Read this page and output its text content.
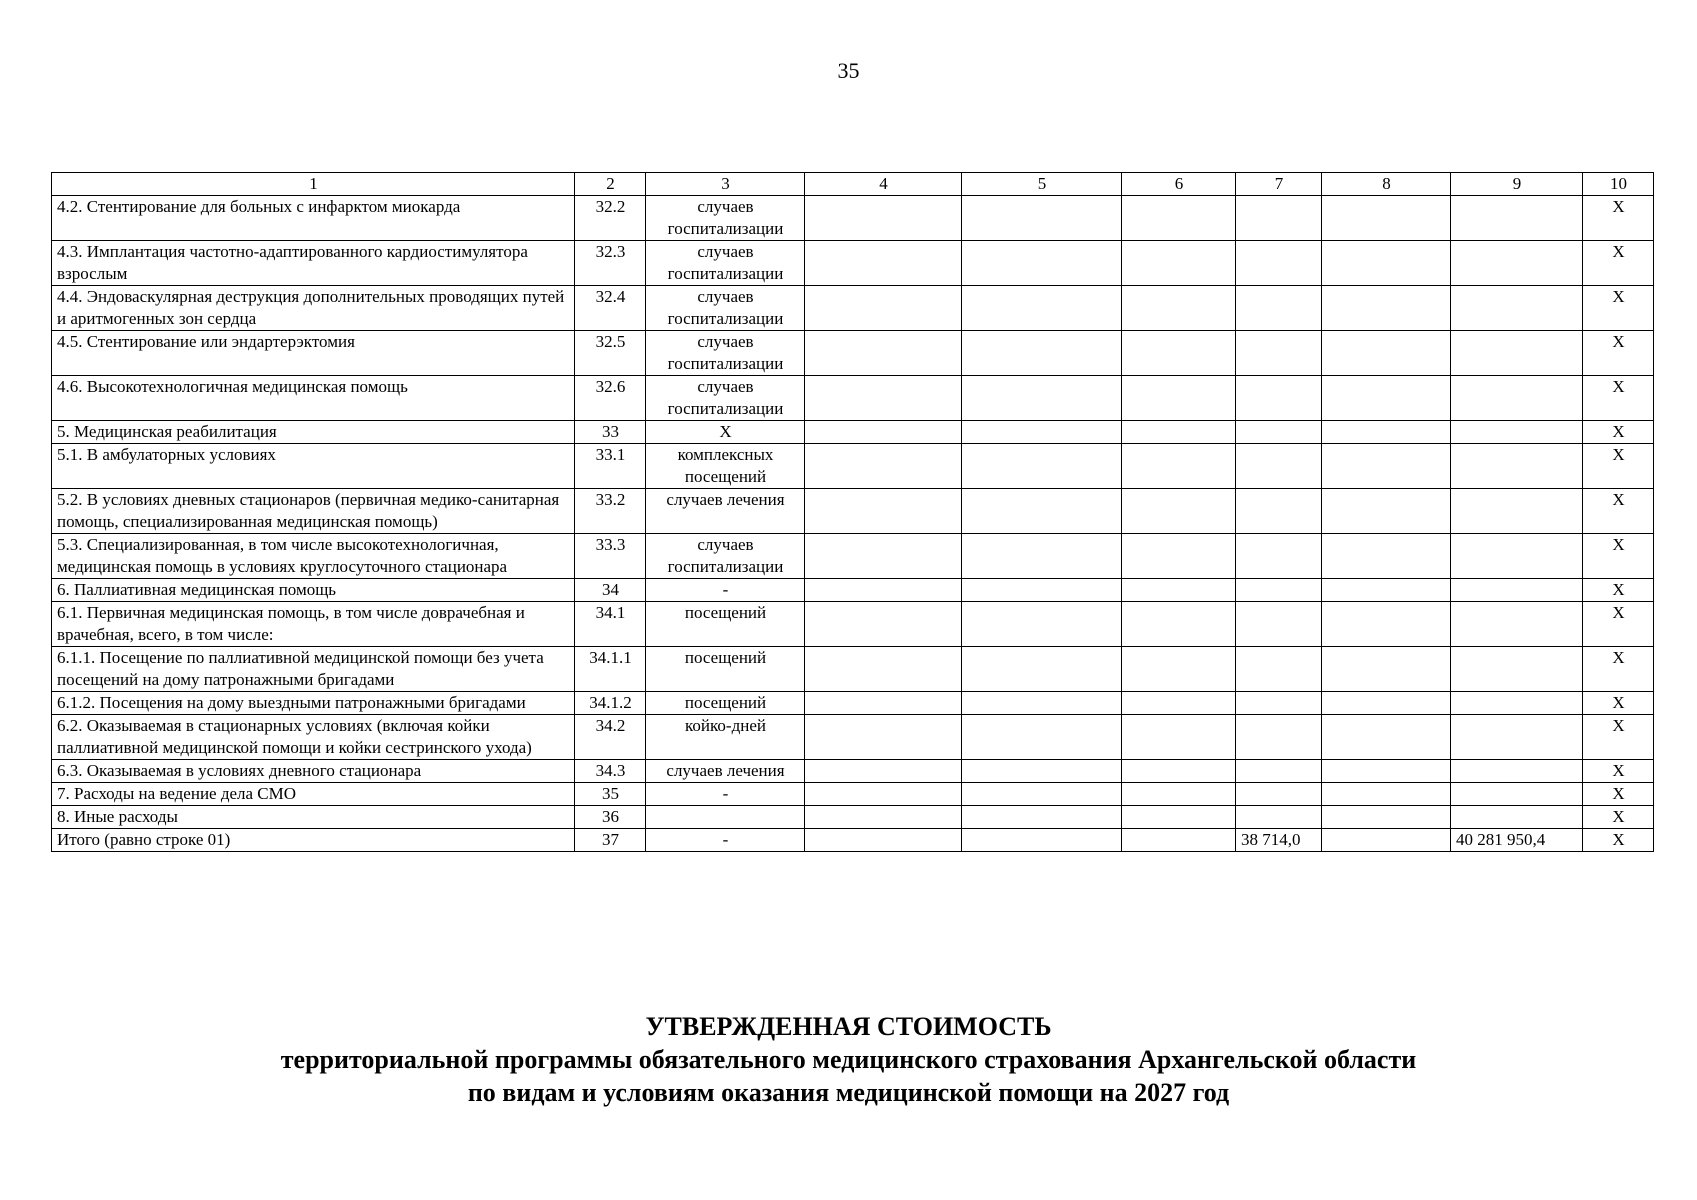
35
1	2	3	4	5	6	7	8	9	10
4.2. Стентирование для больных с инфарктом миокарда	32.2	случаев госпитализации							Х
4.3. Имплантация частотно-адаптированного кардиостимулятора взрослым	32.3	случаев госпитализации							Х
4.4. Эндоваскулярная деструкция дополнительных проводящих путей и аритмогенных зон сердца	32.4	случаев госпитализации							Х
4.5. Стентирование или эндартерэктомия	32.5	случаев госпитализации							Х
4.6. Высокотехнологичная медицинская помощь	32.6	случаев госпитализации							Х
5. Медицинская реабилитация	33	Х							Х
5.1. В амбулаторных условиях	33.1	комплексных посещений							Х
5.2. В условиях дневных стационаров (первичная медико-санитарная помощь, специализированная медицинская помощь)	33.2	случаев лечения							Х
5.3. Специализированная, в том числе высокотехнологичная, медицинская помощь в условиях круглосуточного стационара	33.3	случаев госпитализации							Х
6. Паллиативная медицинская помощь	34	-							Х
6.1. Первичная медицинская помощь, в том числе доврачебная и врачебная, всего, в том числе:	34.1	посещений							Х
6.1.1. Посещение по паллиативной медицинской помощи без учета посещений на дому патронажными бригадами	34.1.1	посещений							Х
6.1.2. Посещения на дому выездными патронажными бригадами	34.1.2	посещений							Х
6.2. Оказываемая в стационарных условиях (включая койки паллиативной медицинской помощи и койки сестринского ухода)	34.2	койко-дней							Х
6.3. Оказываемая в условиях дневного стационара	34.3	случаев лечения							Х
7. Расходы на ведение дела СМО	35	-							Х
8. Иные расходы	36								Х
Итого (равно строке 01)	37	-				38 714,0		40 281 950,4	Х
УТВЕРЖДЕННАЯ СТОИМОСТЬ
территориальной программы обязательного медицинского страхования Архангельской области
по видам и условиям оказания медицинской помощи на 2027 год
